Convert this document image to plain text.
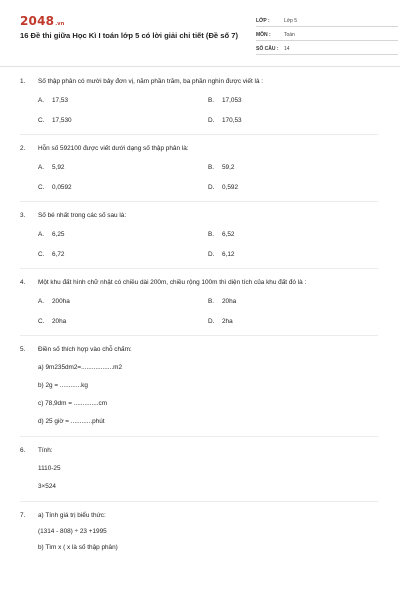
2048.vn
16 Đề thi giữa Học Kì I toán lớp 5 có lời giải chi tiết (Đề số 7)
LỚP :	Lớp 5
MÔN :	Toán
SỐ CÂU :	14
1.	Số thập phân có mười bảy đơn vị, năm phần trăm, ba phần nghìn được viết là :
A.	17,53	B.	17,053
C.	17,530	D.	170,53
2.	Hỗn số 592100 được viết dưới dạng số thập phân là:
A.	5,92	B.	59,2
C.	0,0592	D.	0,592
3.	Số bé nhất trong các số sau là:
A.	6,25	B.	6,52
C.	6,72	D.	6,12
4.	Một khu đất hình chữ nhật có chiều dài 200m, chiều rộng 100m thì diện tích của khu đất đó là :
A.	200ha	B.	20ha
C.	20ha	D.	2ha
5.	Điền số thích hợp vào chỗ chấm:
a) 9m235dm2=..................m2
b) 2g = ............kg
c) 78,9dm = ..............cm
d) 25 giờ = ............phút
6.	Tính:
1110-25
3×524
7.	a) Tính giá trị biểu thức:
(1314 - 808) ÷ 23 +1995
b) Tìm x ( x là số thập phân)
